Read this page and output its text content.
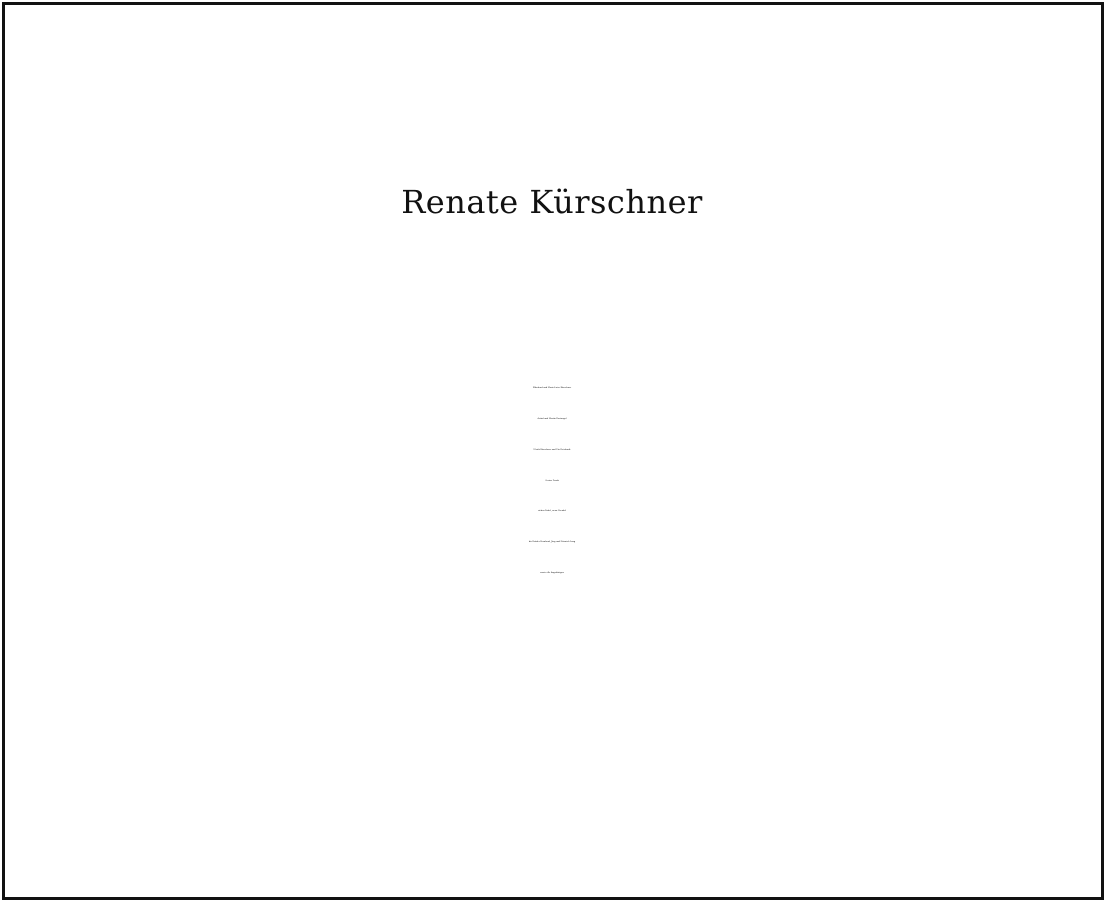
Renate Kürschner
Ekkehard und Marie-Luise Kürschner
Astrid und Martin Hartnagel
Ulrich Kürschner und Uta Reichardt
Gesine Frank
sieben Enkel, neun Urenkel
die Brüder Bernhard, Jörg und Heinrich Lang
sowie alle Angehörigen
